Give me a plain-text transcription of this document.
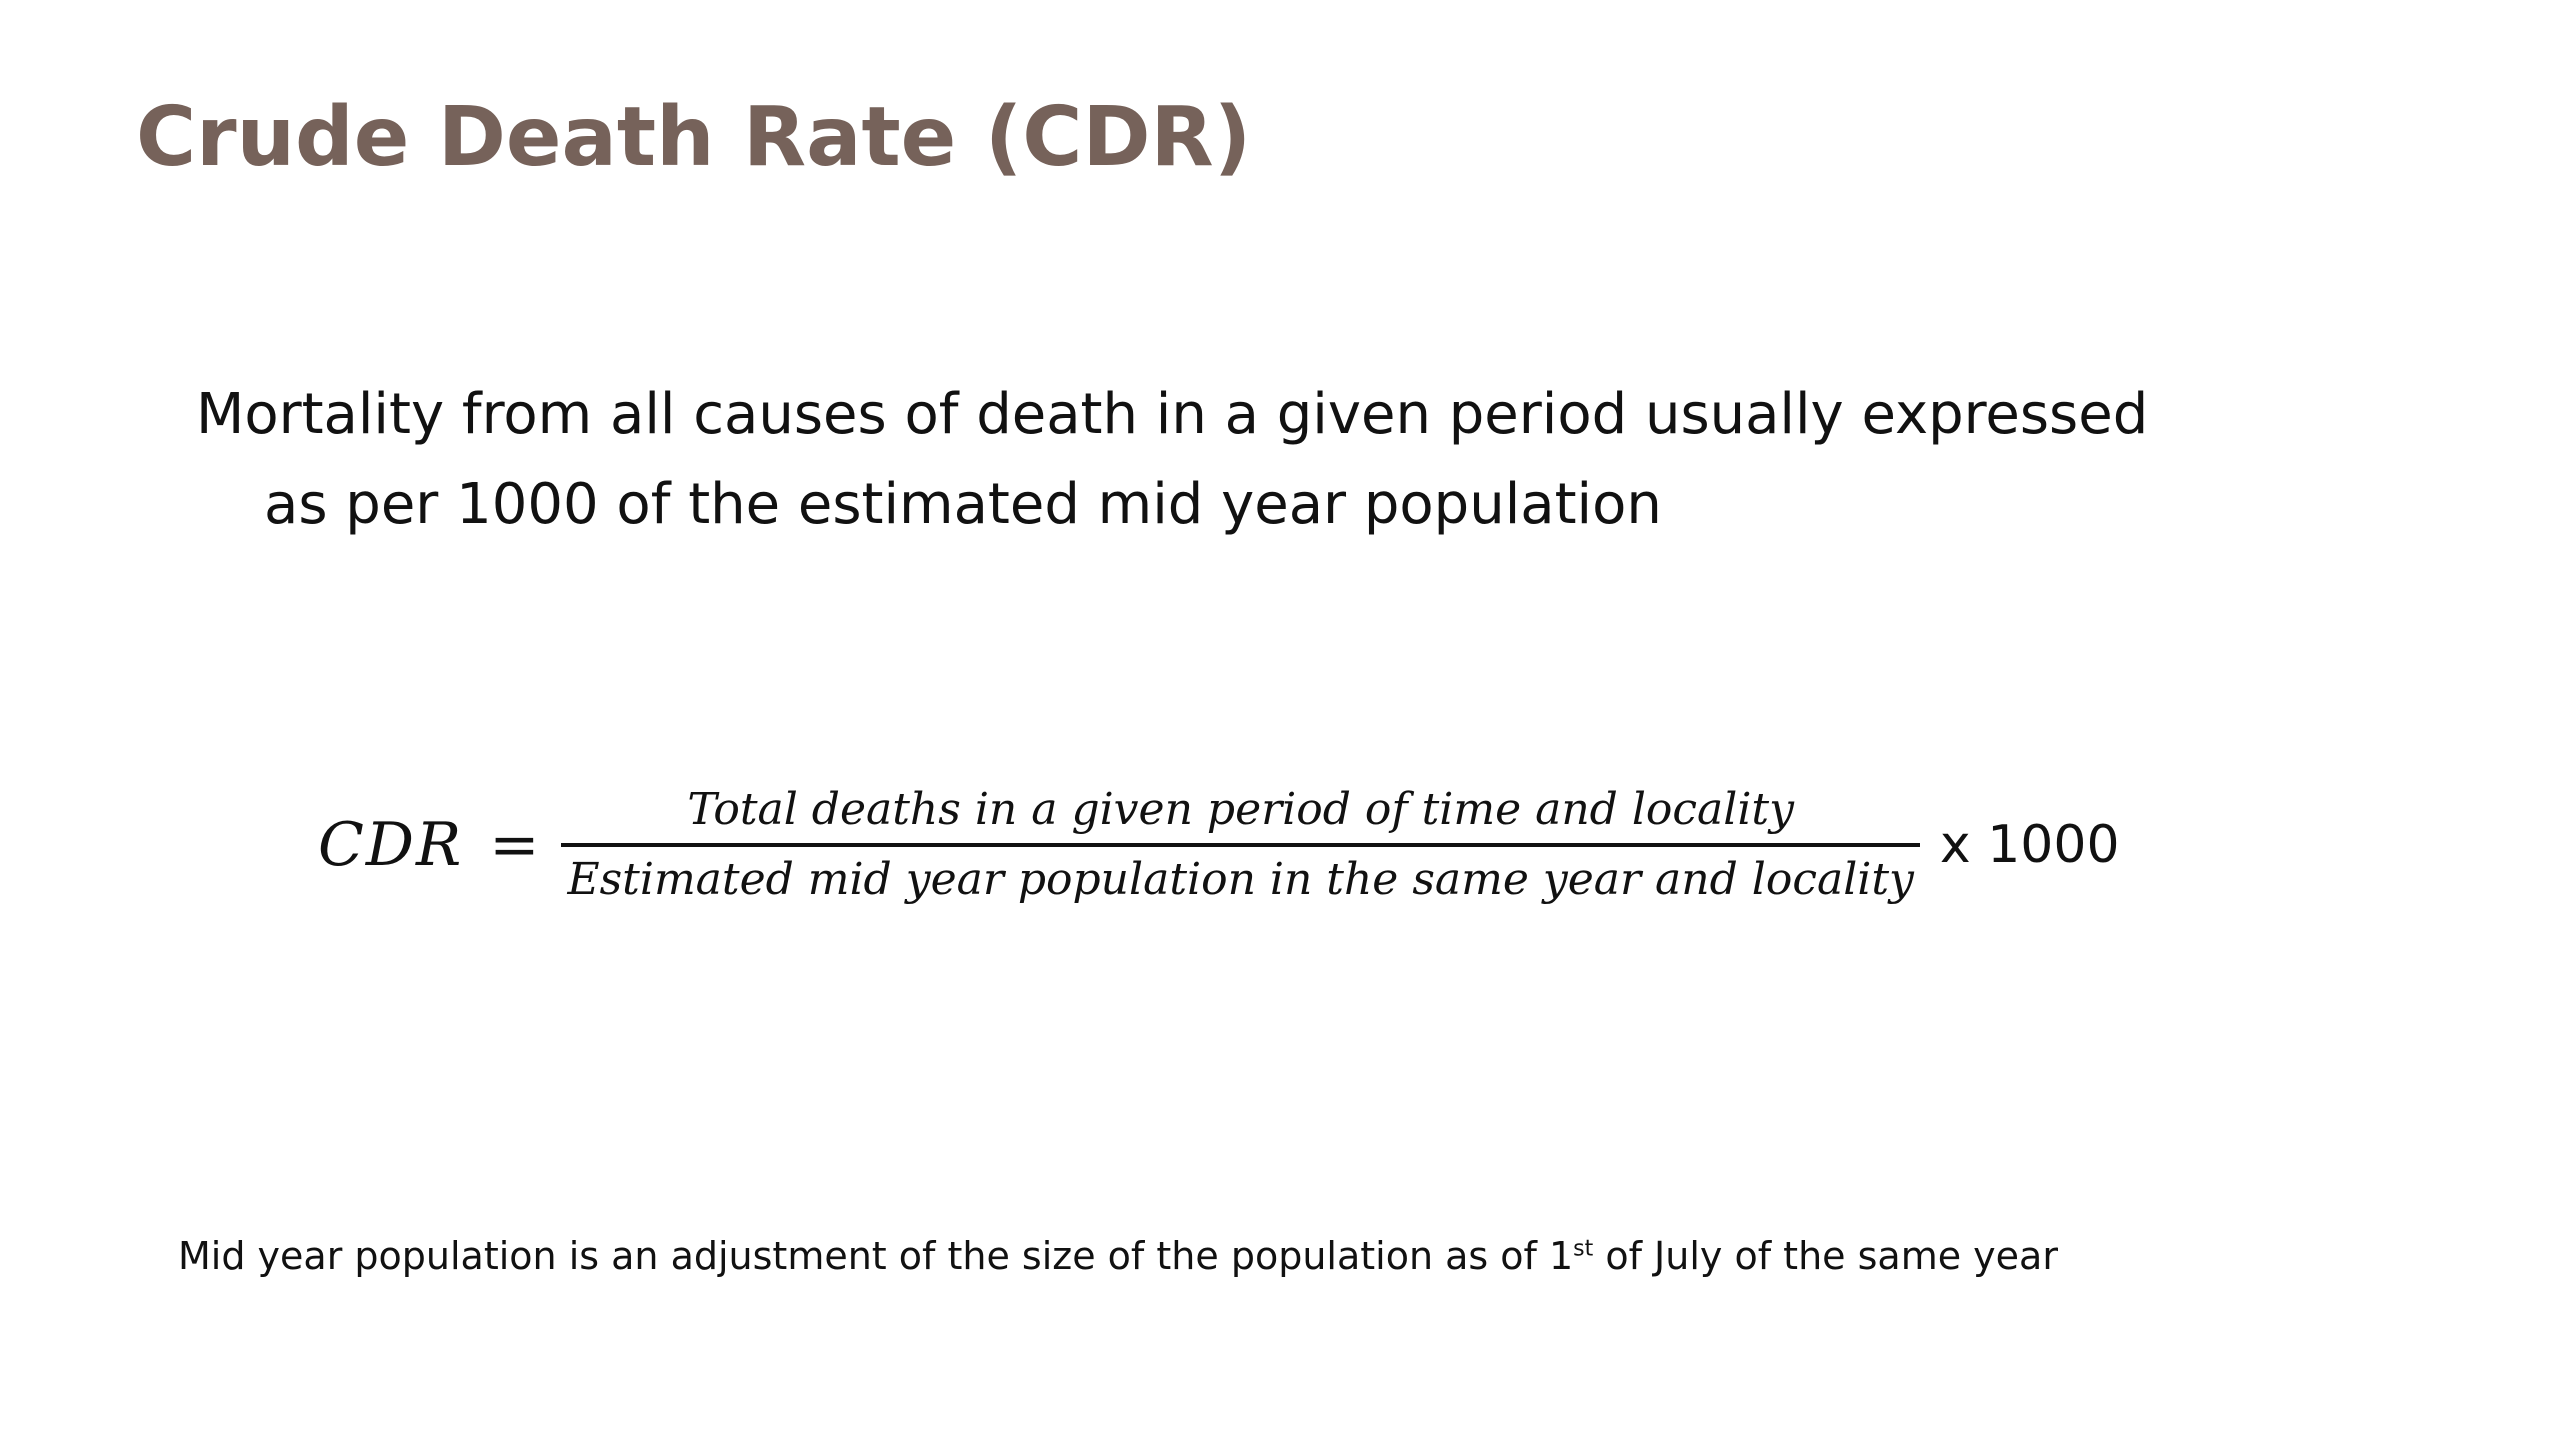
Crude Death Rate (CDR)

Mortality from all causes of death in a given period usually expressed
as per 1000 of the estimated mid year population

CDR = $\frac{\text{Total deaths in a given period of time and locality}}{\text{Estimated mid year population in the same year and locality}}$ x 1000

Mid year population is an adjustment of the size of the population as of 1st of July of the same year
